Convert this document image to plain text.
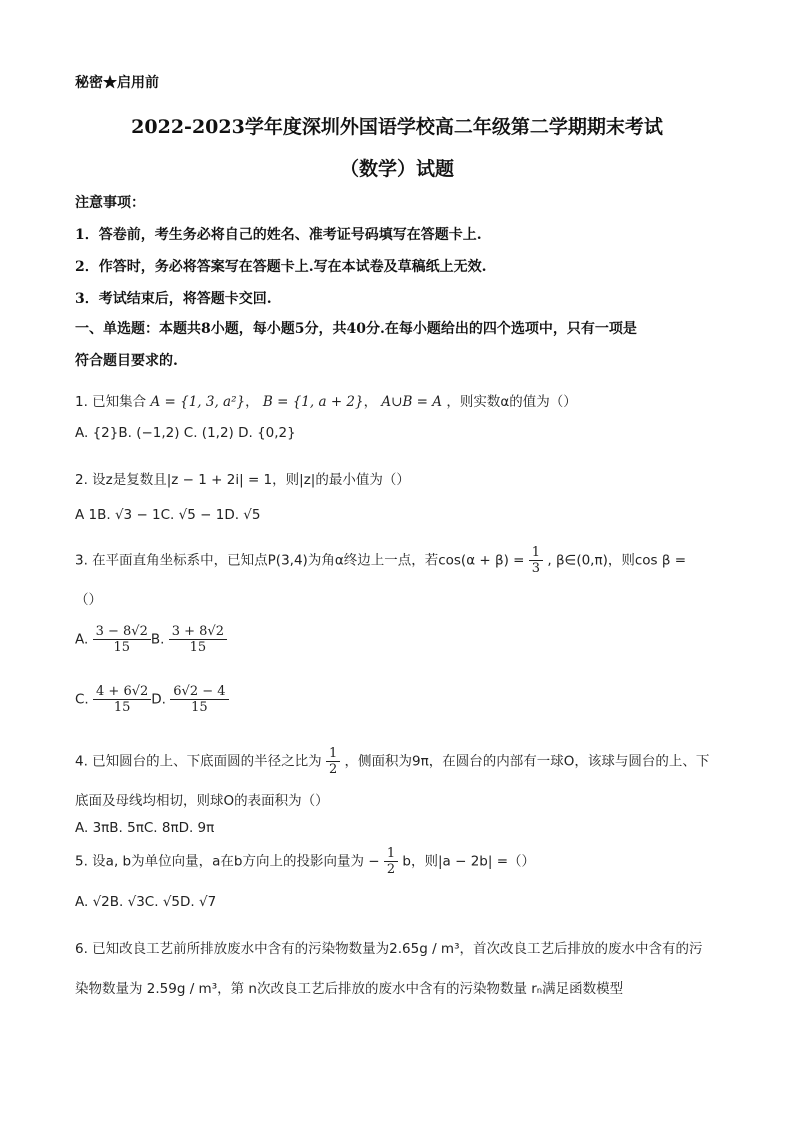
秘密★启用前
2022-2023学年度深圳外国语学校高二年级第二学期期末考试
（数学）试题
注意事项：
1．答卷前，考生务必将自己的姓名、准考证号码填写在答题卡上.
2．作答时，务必将答案写在答题卡上.写在本试卷及草稿纸上无效.
3．考试结束后，将答题卡交回.
一、单选题：本题共8小题，每小题5分，共40分.在每小题给出的四个选项中，只有一项是
符合题目要求的.
1. 已知集合 A = {1, 3, a²}， B = {1, a + 2}， A∪B = A ，则实数α的值为（）
A. {2}B. (−1,2) C. (1,2) D. {0,2}
2. 设z是复数且|z − 1 + 2i| = 1，则|z|的最小值为（）
A 1B. √3 − 1C. √5 − 1D. √5
3. 在平面直角坐标系中，已知点P(3,4)为角α终边上一点，若$\cos(\alpha + \beta) = \frac{1}{3}$ , β∈(0,π)，则cos β =
（）
A. $\frac{3 - 8√2}{15} B$. $\frac{3 + 8√2}{15}$
C. $\frac{4 + 6√2}{15} D$. $\frac{6√2 - 4}{15}$
4. 已知圆台的上、下底面圆的半径之比为 $\frac{1}{2}$ ，侧面积为9π，在圆台的内部有一球O，该球与圆台的上、下
底面及母线均相切，则球O的表面积为（）
A. 3πB. 5πC. 8πD. 9π
5. 设a, b为单位向量，a在b方向上的投影向量为 − $\frac{1}{2}$ b，则|a − 2b| =（）
A. √2B. √3C. √5D. √7
6. 已知改良工艺前所排放废水中含有的污染物数量为2.65g / m³，首次改良工艺后排放的废水中含有的污
染物数量为 2.59g / m³，第 n次改良工艺后排放的废水中含有的污染物数量 rₙ满足函数模型
